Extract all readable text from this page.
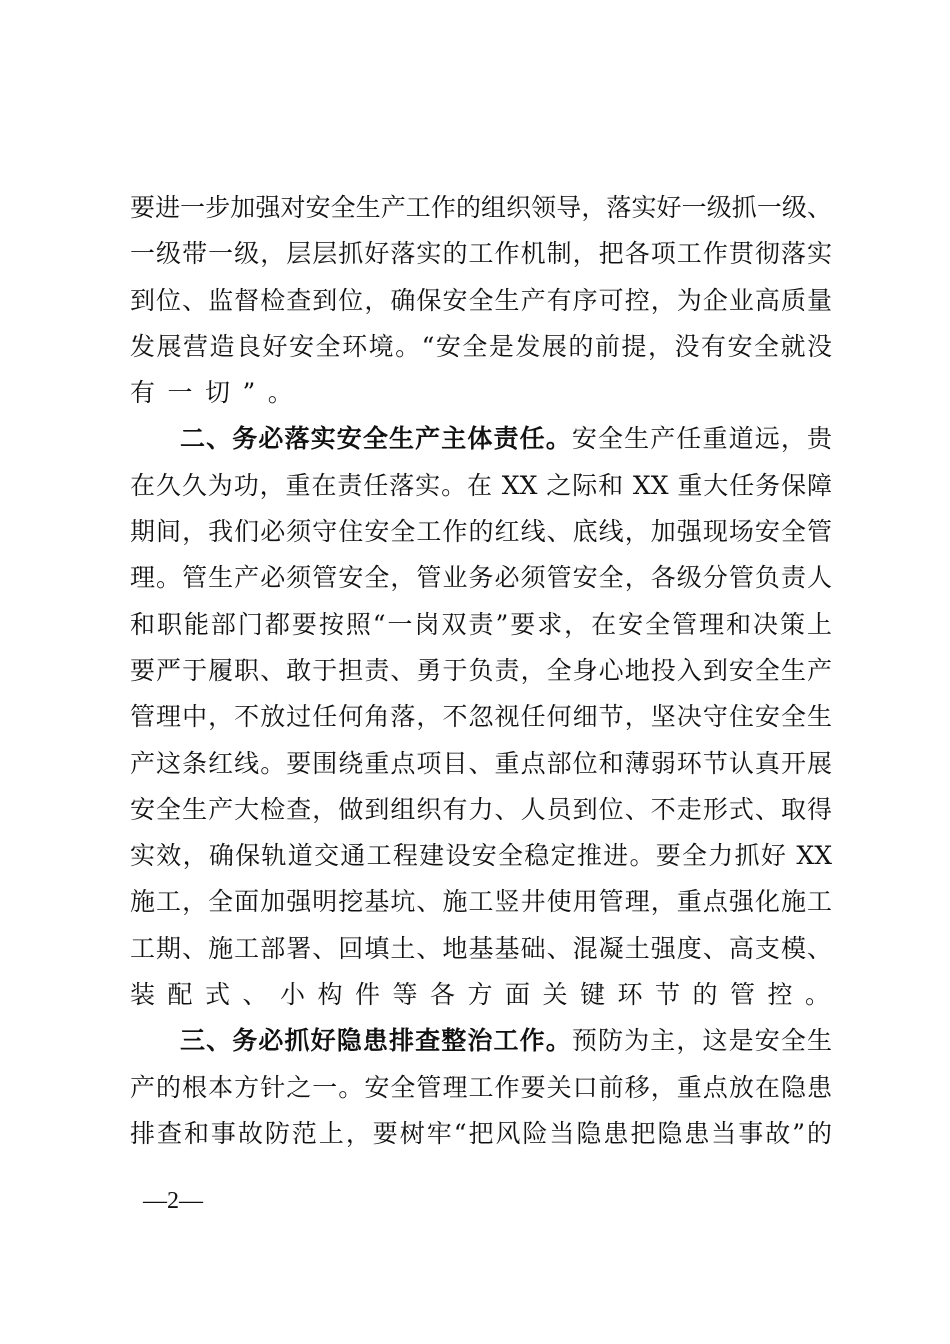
要进一步加强对安全生产工作的组织领导，落实好一级抓一级、
一级带一级，层层抓好落实的工作机制，把各项工作贯彻落实
到位、监督检查到位，确保安全生产有序可控，为企业高质量
发展营造良好安全环境。“安全是发展的前提，没有安全就没
有一切”。
二、务必落实安全生产主体责任。安全生产任重道远，贵
在久久为功，重在责任落实。在 XX 之际和 XX 重大任务保障
期间，我们必须守住安全工作的红线、底线，加强现场安全管
理。管生产必须管安全，管业务必须管安全，各级分管负责人
和职能部门都要按照“一岗双责”要求，在安全管理和决策上
要严于履职、敢于担责、勇于负责，全身心地投入到安全生产
管理中，不放过任何角落，不忽视任何细节，坚决守住安全生
产这条红线。要围绕重点项目、重点部位和薄弱环节认真开展
安全生产大检查，做到组织有力、人员到位、不走形式、取得
实效，确保轨道交通工程建设安全稳定推进。要全力抓好 XX
施工，全面加强明挖基坑、施工竖井使用管理，重点强化施工
工期、施工部署、回填土、地基基础、混凝土强度、高支模、
装配式、小构件等各方面关键环节的管控。
三、务必抓好隐患排查整治工作。预防为主，这是安全生
产的根本方针之一。安全管理工作要关口前移，重点放在隐患
排查和事故防范上，要树牢“把风险当隐患把隐患当事故”的
—2—
